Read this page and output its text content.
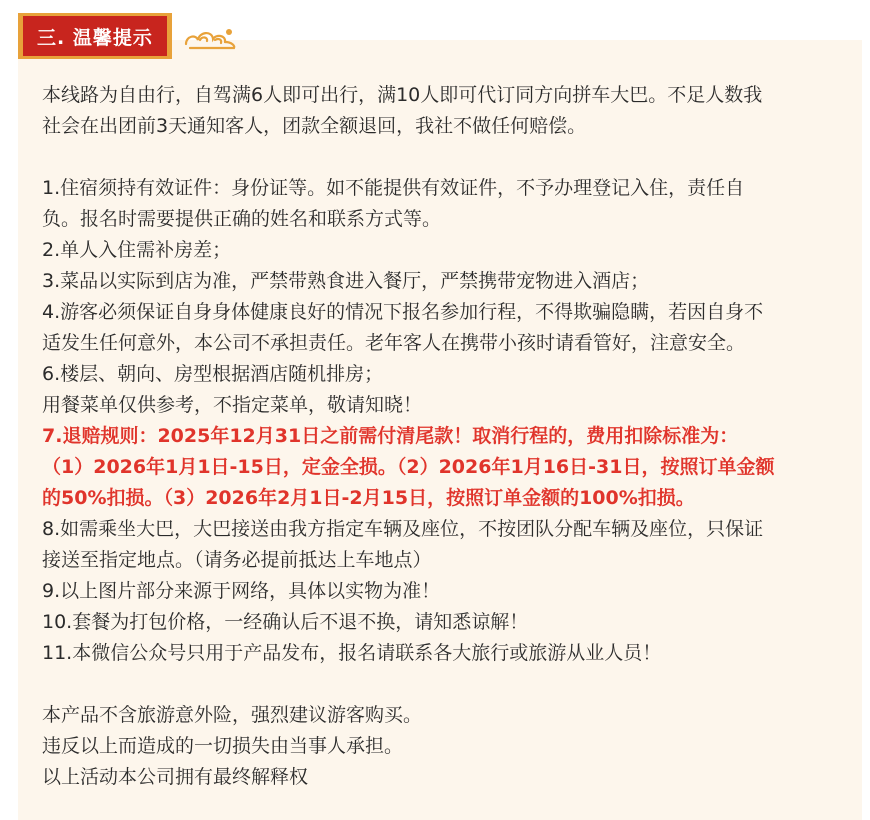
三. 温馨提示

本线路为自由行，自驾满6人即可出行，满10人即可代订同方向拼车大巴。不足人数我

社会在出团前3天通知客人，团款全额退回，我社不做任何赔偿。

1.住宿须持有效证件：身份证等。如不能提供有效证件，不予办理登记入住，责任自

负。报名时需要提供正确的姓名和联系方式等。

2.单人入住需补房差；

3.菜品以实际到店为准，严禁带熟食进入餐厅，严禁携带宠物进入酒店；

4.游客必须保证自身身体健康良好的情况下报名参加行程，不得欺骗隐瞒，若因自身不

适发生任何意外，本公司不承担责任。老年客人在携带小孩时请看管好，注意安全。

6.楼层、朝向、房型根据酒店随机排房；

用餐菜单仅供参考，不指定菜单，敬请知晓！

7.退赔规则：2025年12月31日之前需付清尾款！取消行程的，费用扣除标准为：

（1）2026年1月1日-15日，定金全损。（2）2026年1月16日-31日，按照订单金额

的50%扣损。（3）2026年2月1日-2月15日，按照订单金额的100%扣损。

8.如需乘坐大巴，大巴接送由我方指定车辆及座位，不按团队分配车辆及座位，只保证

接送至指定地点。（请务必提前抵达上车地点）

9.以上图片部分来源于网络，具体以实物为准！

10.套餐为打包价格，一经确认后不退不换，请知悉谅解！

11.本微信公众号只用于产品发布，报名请联系各大旅行或旅游从业人员！

本产品不含旅游意外险，强烈建议游客购买。

违反以上而造成的一切损失由当事人承担。

以上活动本公司拥有最终解释权
